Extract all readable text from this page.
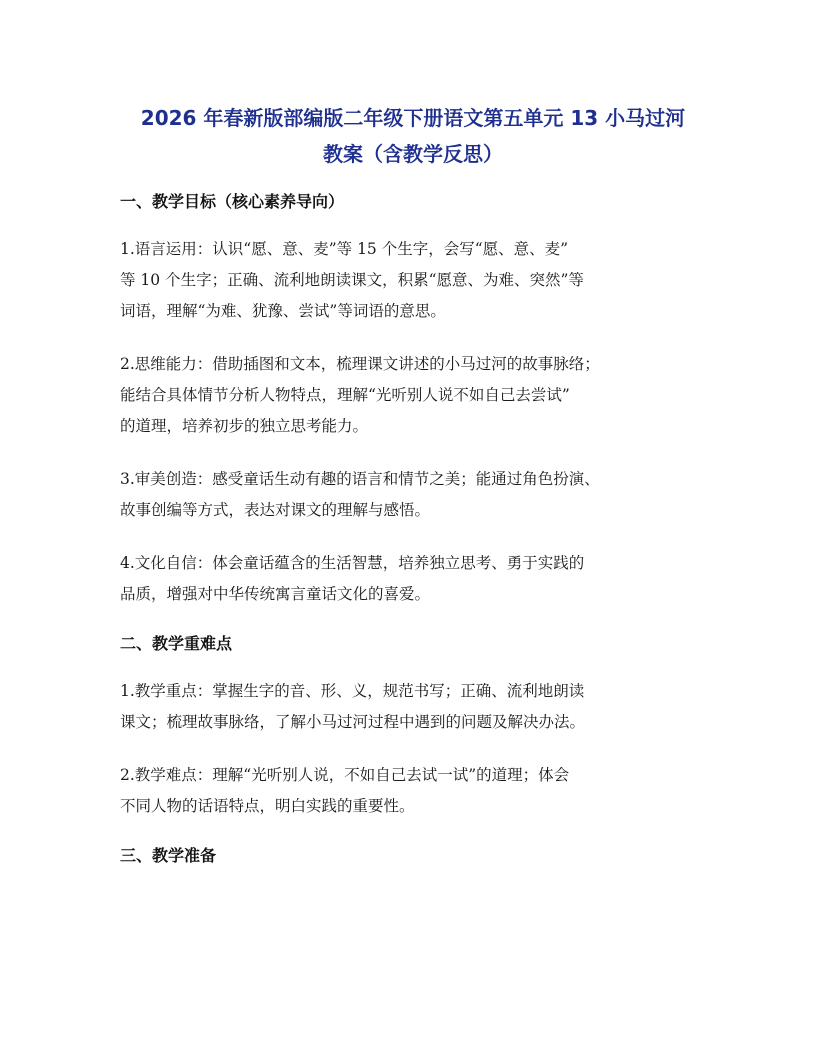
2026 年春新版部编版二年级下册语文第五单元 13 小马过河
教案（含教学反思）
一、教学目标（核心素养导向）

1.语言运用：认识“愿、意、麦”等 15 个生字，会写“愿、意、麦”
等 10 个生字；正确、流利地朗读课文，积累“愿意、为难、突然”等
词语，理解“为难、犹豫、尝试”等词语的意思。

2.思维能力：借助插图和文本，梳理课文讲述的小马过河的故事脉络；
能结合具体情节分析人物特点，理解“光听别人说不如自己去尝试”
的道理，培养初步的独立思考能力。

3.审美创造：感受童话生动有趣的语言和情节之美；能通过角色扮演、
故事创编等方式，表达对课文的理解与感悟。

4.文化自信：体会童话蕴含的生活智慧，培养独立思考、勇于实践的
品质，增强对中华传统寓言童话文化的喜爱。

二、教学重难点

1.教学重点：掌握生字的音、形、义，规范书写；正确、流利地朗读
课文；梳理故事脉络，了解小马过河过程中遇到的问题及解决办法。

2.教学难点：理解“光听别人说，不如自己去试一试”的道理；体会
不同人物的话语特点，明白实践的重要性。

三、教学准备
